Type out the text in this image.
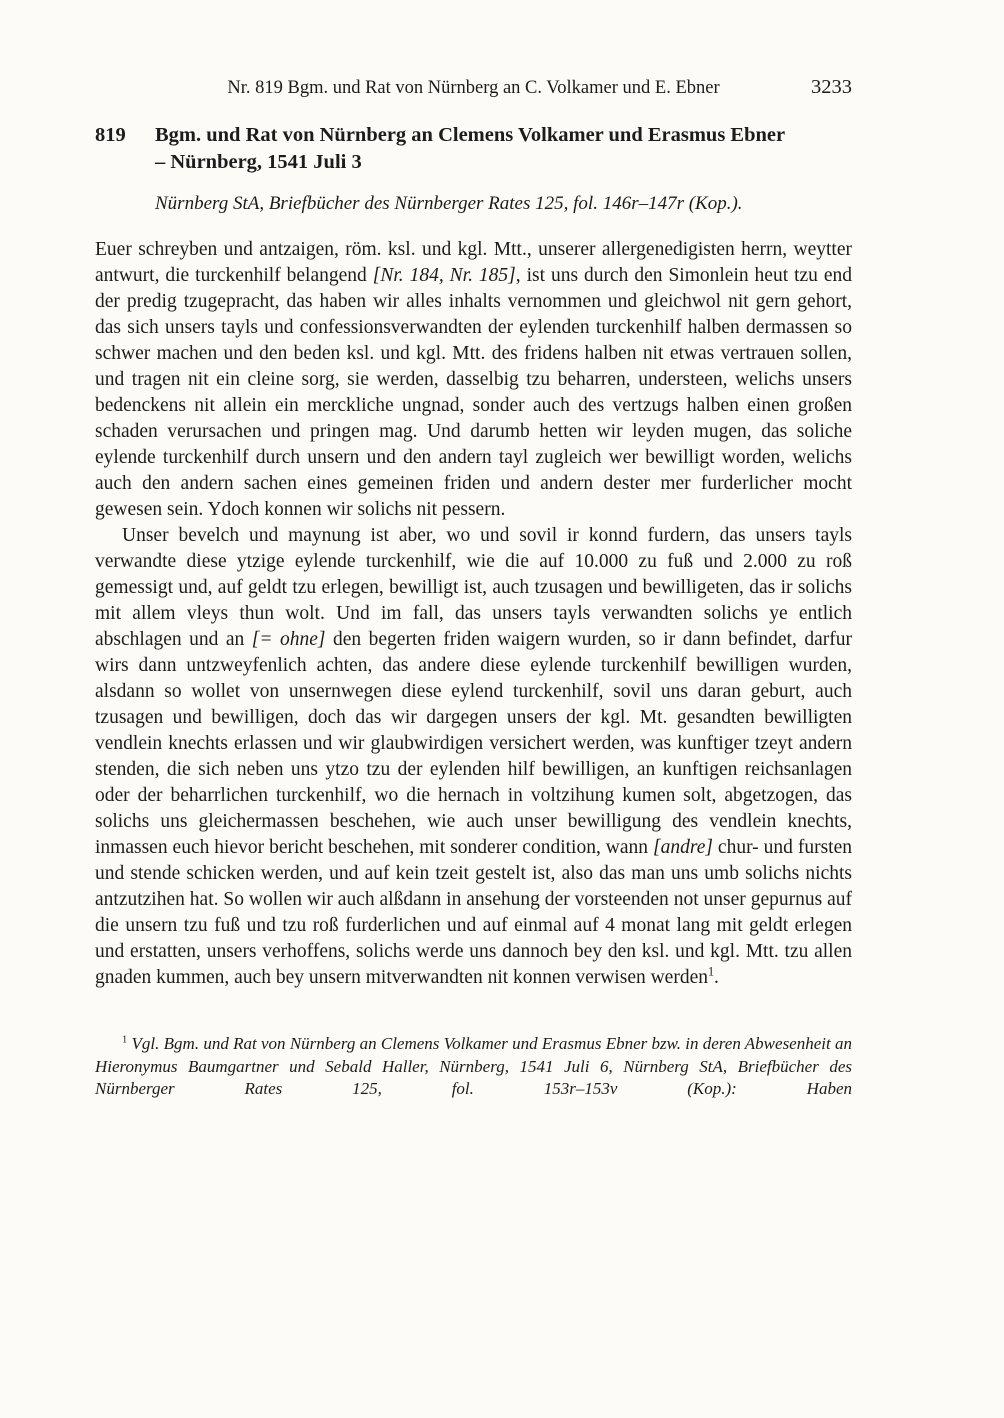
Nr. 819 Bgm. und Rat von Nürnberg an C. Volkamer und E. Ebner	3233
819	Bgm. und Rat von Nürnberg an Clemens Volkamer und Erasmus Ebner
– Nürnberg, 1541 Juli 3

Nürnberg StA, Briefbücher des Nürnberger Rates 125, fol. 146r–147r (Kop.).

Euer schreyben und antzaigen, röm. ksl. und kgl. Mtt., unserer allergenedigisten herrn, weytter antwurt, die turckenhilf belangend [Nr. 184, Nr. 185], ist uns durch den Simonlein heut tzu end der predig tzugepracht, das haben wir alles inhalts vernommen und gleichwol nit gern gehort, das sich unsers tayls und confessionsverwandten der eylenden turckenhilf halben dermassen so schwer machen und den beden ksl. und kgl. Mtt. des fridens halben nit etwas vertrauen sollen, und tragen nit ein cleine sorg, sie werden, dasselbig tzu beharren, understeen, welichs unsers bedenckens nit allein ein merckliche ungnad, sonder auch des vertzugs halben einen großen schaden verursachen und pringen mag. Und darumb hetten wir leyden mugen, das soliche eylende turckenhilf durch unsern und den andern tayl zugleich wer bewilligt worden, welichs auch den andern sachen eines gemeinen friden und andern dester mer furderlicher mocht gewesen sein. Ydoch konnen wir solichs nit pessern.

Unser bevelch und maynung ist aber, wo und sovil ir konnd furdern, das unsers tayls verwandte diese ytzige eylende turckenhilf, wie die auf 10.000 zu fuß und 2.000 zu roß gemessigt und, auf geldt tzu erlegen, bewilligt ist, auch tzusagen und bewilligeten, das ir solichs mit allem vleys thun wolt. Und im fall, das unsers tayls verwandten solichs ye entlich abschlagen und an [= ohne] den begerten friden waigern wurden, so ir dann befindet, darfur wirs dann untzweyfenlich achten, das andere diese eylende turckenhilf bewilligen wurden, alsdann so wollet von unsernwegen diese eylend turckenhilf, sovil uns daran geburt, auch tzusagen und bewilligen, doch das wir dargegen unsers der kgl. Mt. gesandten bewilligten vendlein knechts erlassen und wir glaubwirdigen versichert werden, was kunftiger tzeyt andern stenden, die sich neben uns ytzo tzu der eylenden hilf bewilligen, an kunftigen reichsanlagen oder der beharrlichen turckenhilf, wo die hernach in voltzihung kumen solt, abgetzogen, das solichs uns gleichermassen beschehen, wie auch unser bewilligung des vendlein knechts, inmassen euch hievor bericht beschehen, mit sonderer condition, wann [andre] chur- und fursten und stende schicken werden, und auf kein tzeit gestelt ist, also das man uns umb solichs nichts antzutzihen hat. So wollen wir auch alßdann in ansehung der vorsteenden not unser gepurnus auf die unsern tzu fuß und tzu roß furderlichen und auf einmal auf 4 monat lang mit geldt erlegen und erstatten, unsers verhoffens, solichs werde uns dannoch bey den ksl. und kgl. Mtt. tzu allen gnaden kummen, auch bey unsern mitverwandten nit konnen verwisen werden$^1$.

$^1$ Vgl. Bgm. und Rat von Nürnberg an Clemens Volkamer und Erasmus Ebner bzw. in deren Abwesenheit an Hieronymus Baumgartner und Sebald Haller, Nürnberg, 1541 Juli 6, Nürnberg StA, Briefbücher des Nürnberger Rates 125, fol. 153r–153v (Kop.): Haben
